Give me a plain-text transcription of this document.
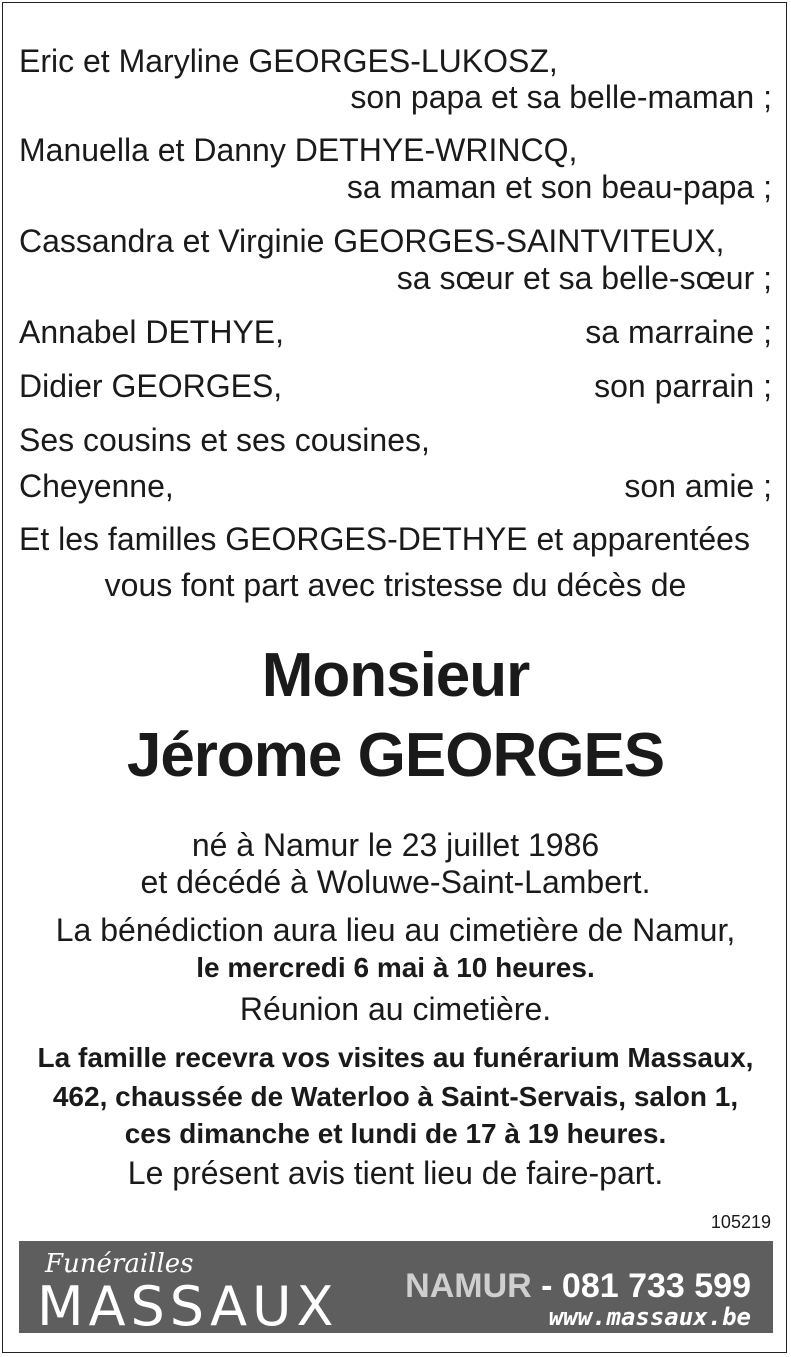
Eric et Maryline GEORGES-LUKOSZ,
son papa et sa belle-maman ;
Manuella et Danny DETHYE-WRINCQ,
sa maman et son beau-papa ;
Cassandra et Virginie GEORGES-SAINTVITEUX,
sa sœur et sa belle-sœur ;
Annabel DETHYE,	sa marraine ;
Didier GEORGES,	son parrain ;
Ses cousins et ses cousines,
Cheyenne,	son amie ;
Et les familles GEORGES-DETHYE et apparentées
vous font part avec tristesse du décès de
Monsieur
Jérome GEORGES
né à Namur le 23 juillet 1986
et décédé à Woluwe-Saint-Lambert.
La bénédiction aura lieu au cimetière de Namur,
le mercredi 6 mai à 10 heures.
Réunion au cimetière.
La famille recevra vos visites au funérarium Massaux,
462, chaussée de Waterloo à Saint-Servais, salon 1,
ces dimanche et lundi de 17 à 19 heures.
Le présent avis tient lieu de faire-part.
105219
Funérailles
MASSAUX NAMUR - 081 733 599
www.massaux.be
